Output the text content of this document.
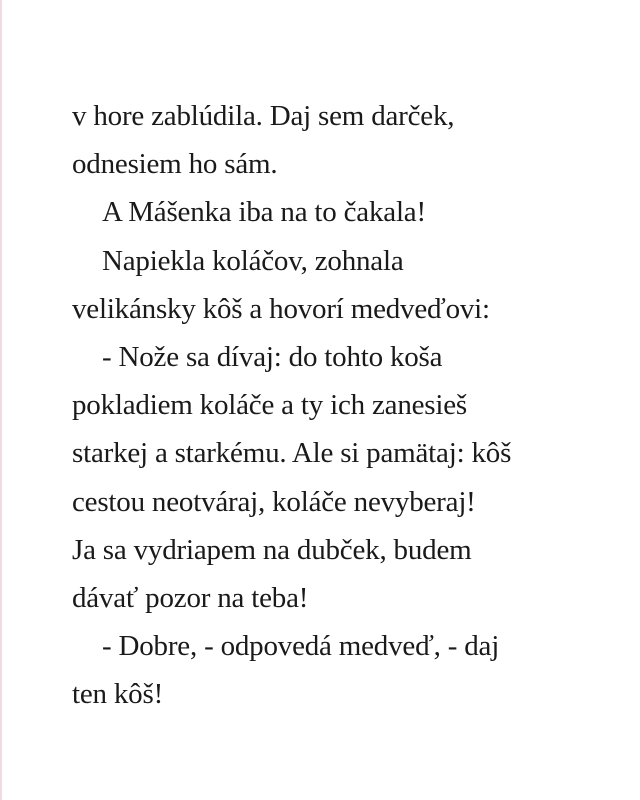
v hore zablúdila. Daj sem darček,
odnesiem ho sám.
A Mášenka iba na to čakala!
Napiekla koláčov, zohnala
velikánsky kôš a hovorí medveďovi:
- Nože sa dívaj: do tohto koša
pokladiem koláče a ty ich zanesieš
starkej a starkému. Ale si pamätaj: kôš
cestou neotváraj, koláče nevyberaj!
Ja sa vydriapem na dubček, budem
dávať pozor na teba!
- Dobre, - odpovedá medveď, - daj
ten kôš!
